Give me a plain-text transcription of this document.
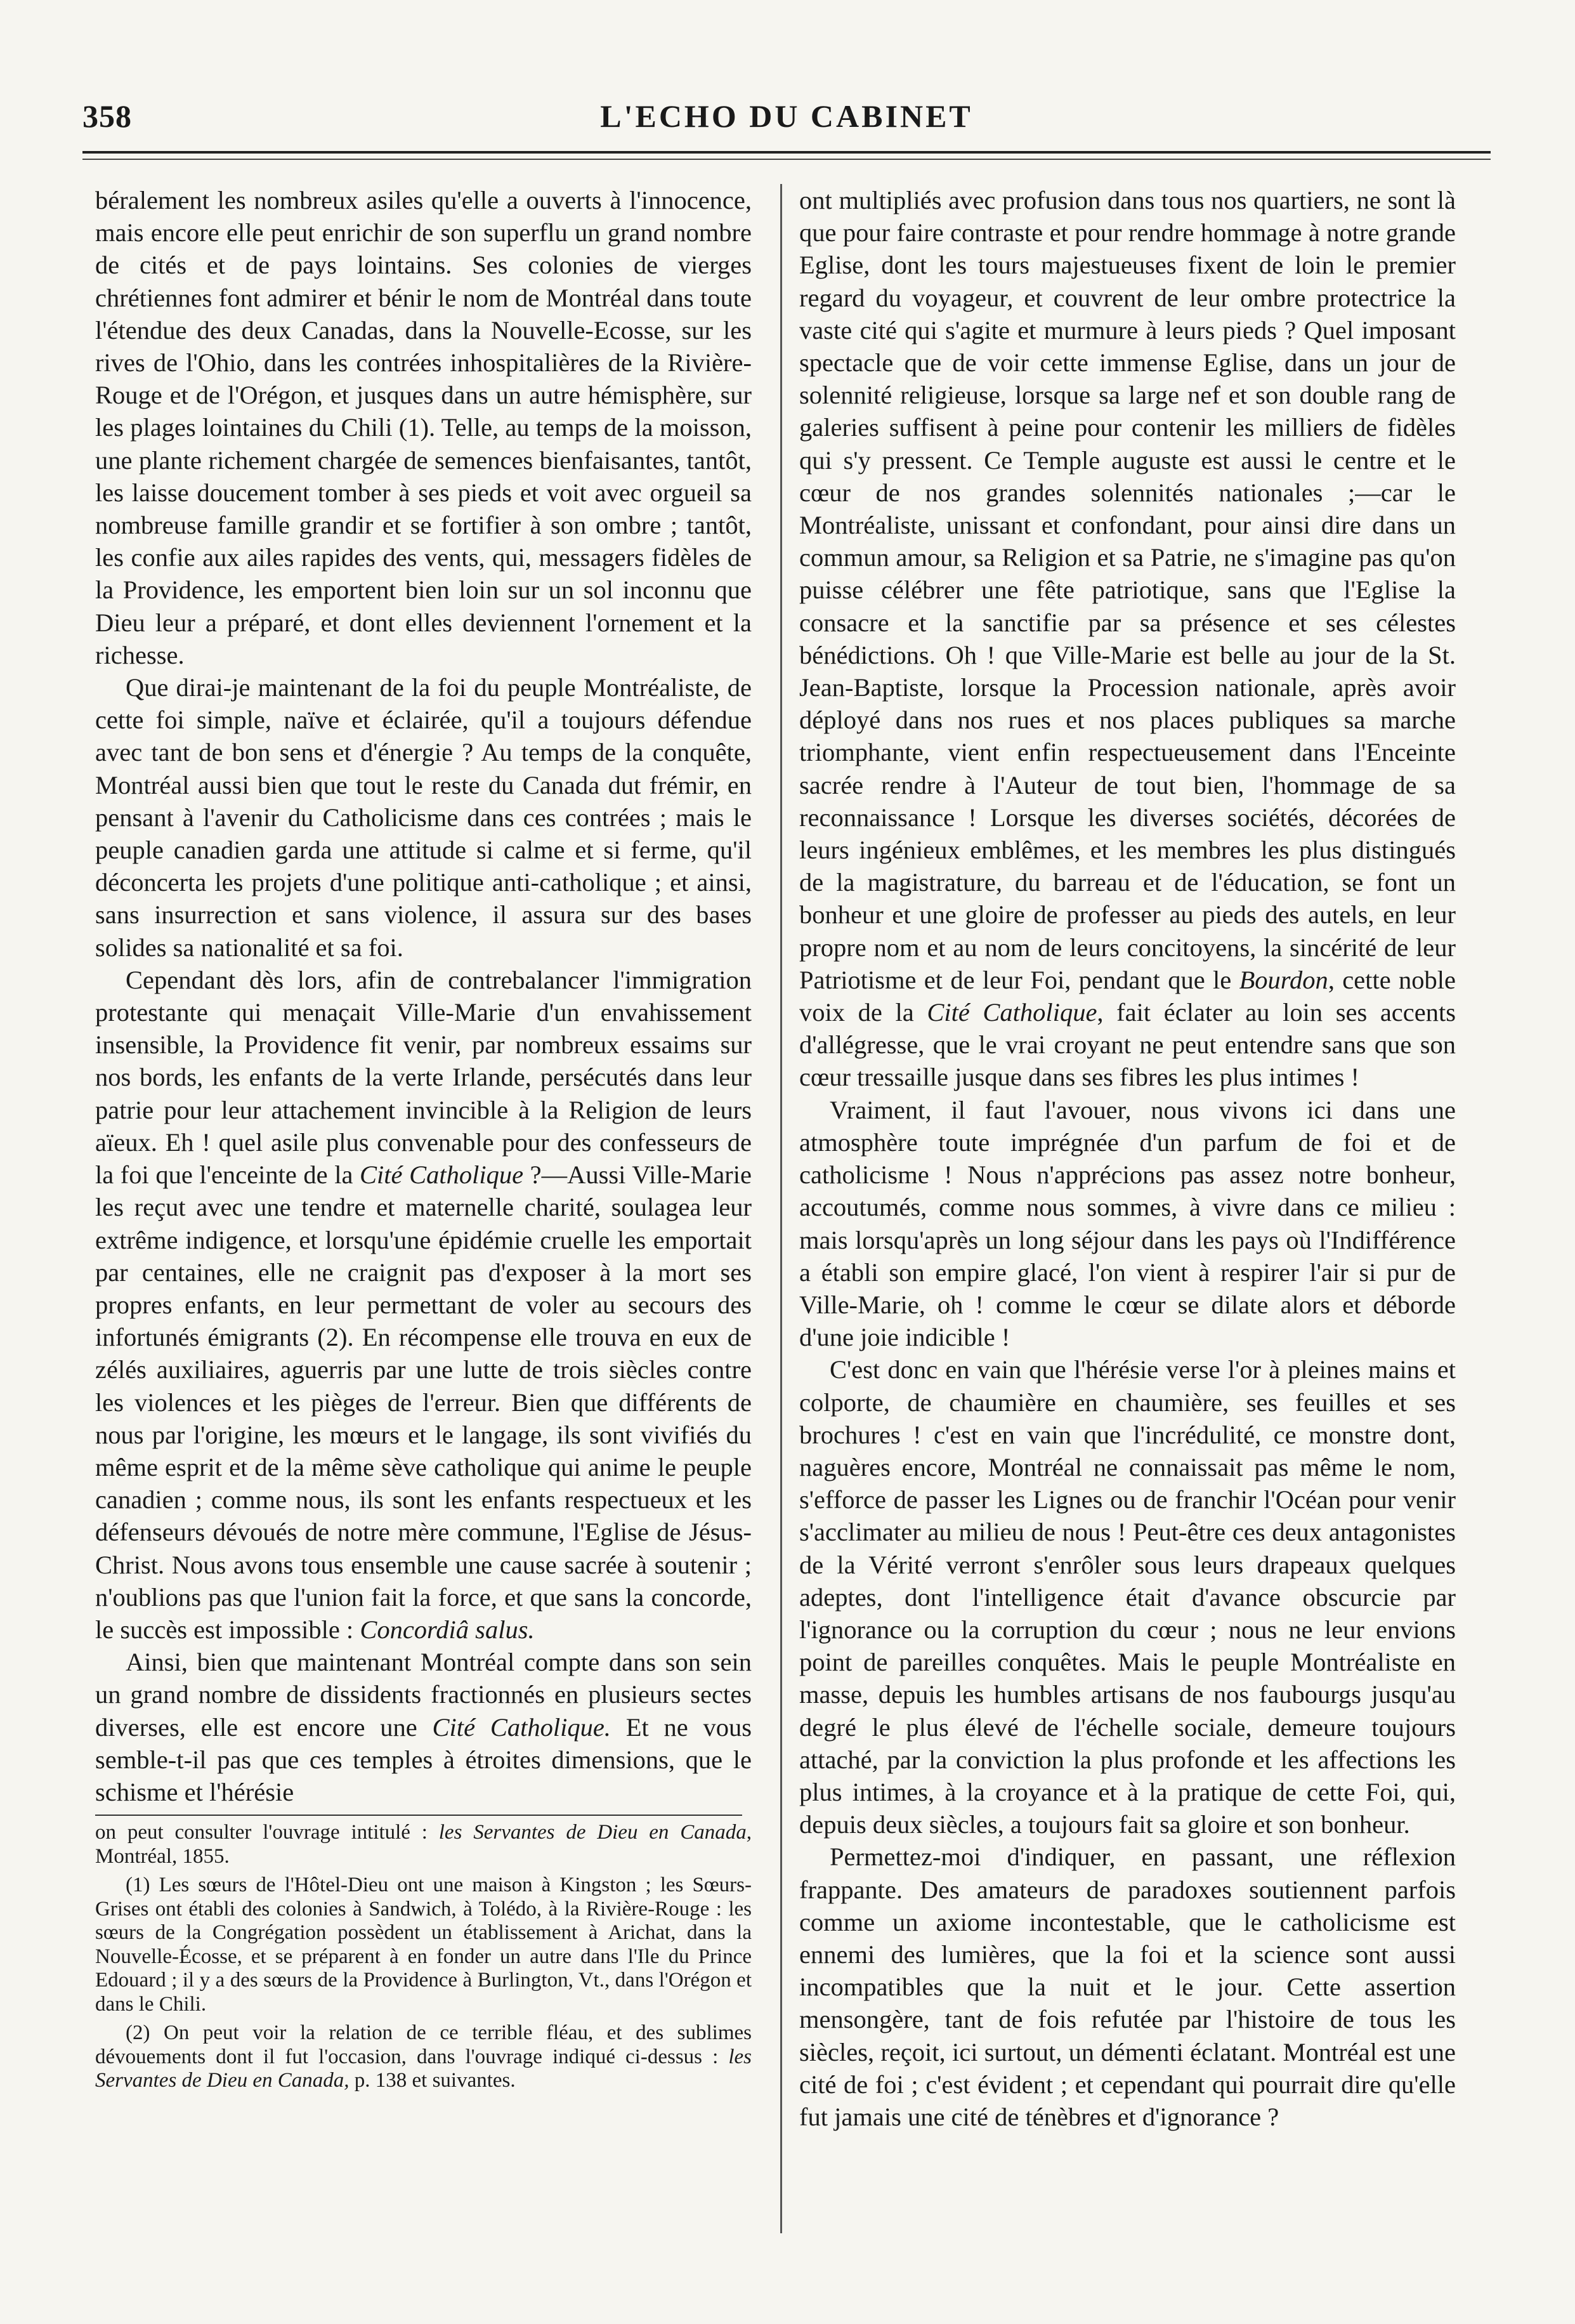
358	L'ECHO DU CABINET

béralement les nombreux asiles qu'elle a ouverts à l'innocence, mais encore elle peut enrichir de son superflu un grand nombre de cités et de pays lointains. Ses colonies de vierges chrétiennes font admirer et bénir le nom de Montréal dans toute l'étendue des deux Canadas, dans la Nouvelle-Ecosse, sur les rives de l'Ohio, dans les contrées inhospitalières de la Rivière-Rouge et de l'Orégon, et jusques dans un autre hémisphère, sur les plages lointaines du Chili (1). Telle, au temps de la moisson, une plante richement chargée de semences bienfaisantes, tantôt, les laisse doucement tomber à ses pieds et voit avec orgueil sa nombreuse famille grandir et se fortifier à son ombre ; tantôt, les confie aux ailes rapides des vents, qui, messagers fidèles de la Providence, les emportent bien loin sur un sol inconnu que Dieu leur a préparé, et dont elles deviennent l'ornement et la richesse.

Que dirai-je maintenant de la foi du peuple Montréaliste, de cette foi simple, naïve et éclairée, qu'il a toujours défendue avec tant de bon sens et d'énergie ? Au temps de la conquête, Montréal aussi bien que tout le reste du Canada dut frémir, en pensant à l'avenir du Catholicisme dans ces contrées ; mais le peuple canadien garda une attitude si calme et si ferme, qu'il déconcerta les projets d'une politique anti-catholique ; et ainsi, sans insurrection et sans violence, il assura sur des bases solides sa nationalité et sa foi.

Cependant dès lors, afin de contrebalancer l'immigration protestante qui menaçait Ville-Marie d'un envahissement insensible, la Providence fit venir, par nombreux essaims sur nos bords, les enfants de la verte Irlande, persécutés dans leur patrie pour leur attachement invincible à la Religion de leurs aïeux. Eh ! quel asile plus convenable pour des confesseurs de la foi que l'enceinte de la Cité Catholique ?—Aussi Ville-Marie les reçut avec une tendre et maternelle charité, soulagea leur extrême indigence, et lorsqu'une épidémie cruelle les emportait par centaines, elle ne craignit pas d'exposer à la mort ses propres enfants, en leur permettant de voler au secours des infortunés émigrants (2). En récompense elle trouva en eux de zélés auxiliaires, aguerris par une lutte de trois siècles contre les violences et les pièges de l'erreur. Bien que différents de nous par l'origine, les mœurs et le langage, ils sont vivifiés du même esprit et de la même sève catholique qui anime le peuple canadien ; comme nous, ils sont les enfants respectueux et les défenseurs dévoués de notre mère commune, l'Eglise de Jésus-Christ. Nous avons tous ensemble une cause sacrée à soutenir ; n'oublions pas que l'union fait la force, et que sans la concorde, le succès est impossible : Concordiâ salus.

Ainsi, bien que maintenant Montréal compte dans son sein un grand nombre de dissidents fractionnés en plusieurs sectes diverses, elle est encore une Cité Catholique. Et ne vous semble-t-il pas que ces temples à étroites dimensions, que le schisme et l'hérésie

on peut consulter l'ouvrage intitulé : les Servantes de Dieu en Canada, Montréal, 1855.

(1) Les sœurs de l'Hôtel-Dieu ont une maison à Kingston ; les Sœurs-Grises ont établi des colonies à Sandwich, à Tolédo, à la Rivière-Rouge : les sœurs de la Congrégation possèdent un établissement à Arichat, dans la Nouvelle-Écosse, et se préparent à en fonder un autre dans l'Ile du Prince Edouard ; il y a des sœurs de la Providence à Burlington, Vt., dans l'Orégon et dans le Chili.

(2) On peut voir la relation de ce terrible fléau, et des sublimes dévouements dont il fut l'occasion, dans l'ouvrage indiqué ci-dessus : les Servantes de Dieu en Canada, p. 138 et suivantes.

ont multipliés avec profusion dans tous nos quartiers, ne sont là que pour faire contraste et pour rendre hommage à notre grande Eglise, dont les tours majestueuses fixent de loin le premier regard du voyageur, et couvrent de leur ombre protectrice la vaste cité qui s'agite et murmure à leurs pieds ? Quel imposant spectacle que de voir cette immense Eglise, dans un jour de solennité religieuse, lorsque sa large nef et son double rang de galeries suffisent à peine pour contenir les milliers de fidèles qui s'y pressent. Ce Temple auguste est aussi le centre et le cœur de nos grandes solennités nationales ;—car le Montréaliste, unissant et confondant, pour ainsi dire dans un commun amour, sa Religion et sa Patrie, ne s'imagine pas qu'on puisse célébrer une fête patriotique, sans que l'Eglise la consacre et la sanctifie par sa présence et ses célestes bénédictions. Oh ! que Ville-Marie est belle au jour de la St. Jean-Baptiste, lorsque la Procession nationale, après avoir déployé dans nos rues et nos places publiques sa marche triomphante, vient enfin respectueusement dans l'Enceinte sacrée rendre à l'Auteur de tout bien, l'hommage de sa reconnaissance ! Lorsque les diverses sociétés, décorées de leurs ingénieux emblêmes, et les membres les plus distingués de la magistrature, du barreau et de l'éducation, se font un bonheur et une gloire de professer au pieds des autels, en leur propre nom et au nom de leurs concitoyens, la sincérité de leur Patriotisme et de leur Foi, pendant que le Bourdon, cette noble voix de la Cité Catholique, fait éclater au loin ses accents d'allégresse, que le vrai croyant ne peut entendre sans que son cœur tressaille jusque dans ses fibres les plus intimes !

Vraiment, il faut l'avouer, nous vivons ici dans une atmosphère toute imprégnée d'un parfum de foi et de catholicisme ! Nous n'apprécions pas assez notre bonheur, accoutumés, comme nous sommes, à vivre dans ce milieu : mais lorsqu'après un long séjour dans les pays où l'Indifférence a établi son empire glacé, l'on vient à respirer l'air si pur de Ville-Marie, oh ! comme le cœur se dilate alors et déborde d'une joie indicible !

C'est donc en vain que l'hérésie verse l'or à pleines mains et colporte, de chaumière en chaumière, ses feuilles et ses brochures ! c'est en vain que l'incrédulité, ce monstre dont, naguères encore, Montréal ne connaissait pas même le nom, s'efforce de passer les Lignes ou de franchir l'Océan pour venir s'acclimater au milieu de nous ! Peut-être ces deux antagonistes de la Vérité verront s'enrôler sous leurs drapeaux quelques adeptes, dont l'intelligence était d'avance obscurcie par l'ignorance ou la corruption du cœur ; nous ne leur envions point de pareilles conquêtes. Mais le peuple Montréaliste en masse, depuis les humbles artisans de nos faubourgs jusqu'au degré le plus élevé de l'échelle sociale, demeure toujours attaché, par la conviction la plus profonde et les affections les plus intimes, à la croyance et à la pratique de cette Foi, qui, depuis deux siècles, a toujours fait sa gloire et son bonheur.

Permettez-moi d'indiquer, en passant, une réflexion frappante. Des amateurs de paradoxes soutiennent parfois comme un axiome incontestable, que le catholicisme est ennemi des lumières, que la foi et la science sont aussi incompatibles que la nuit et le jour. Cette assertion mensongère, tant de fois refutée par l'histoire de tous les siècles, reçoit, ici surtout, un démenti éclatant. Montréal est une cité de foi ; c'est évident ; et cependant qui pourrait dire qu'elle fut jamais une cité de ténèbres et d'ignorance ?
